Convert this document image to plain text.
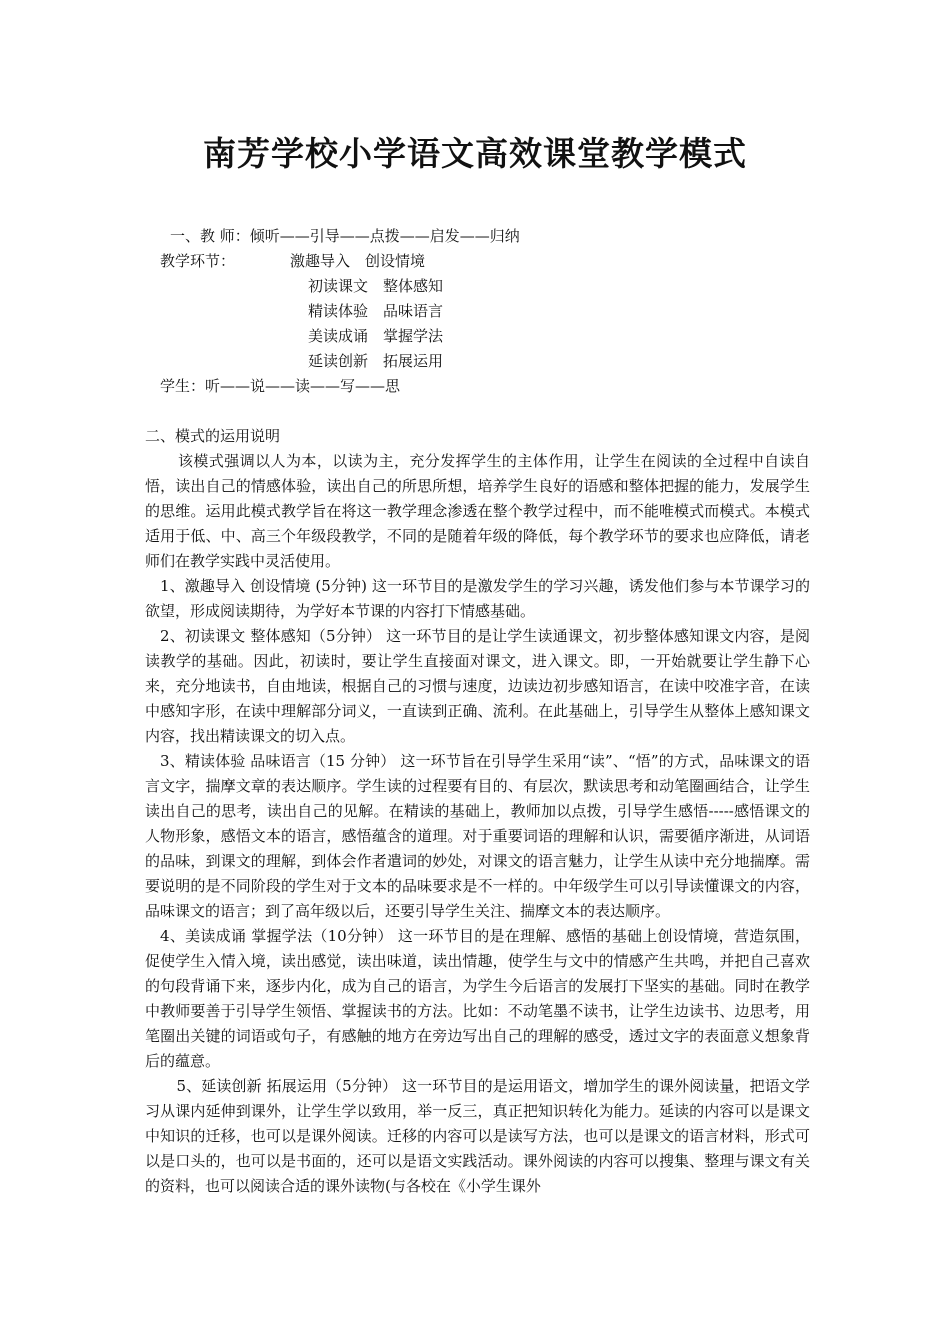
南芳学校小学语文高效课堂教学模式
一、教 师：倾听——引导——点拨——启发——归纳
教学环节：	激趣导入　创设情境
初读课文　整体感知
精读体验　品味语言
美读成诵　掌握学法
延读创新　拓展运用
学生：听——说——读——写——思

二、模式的运用说明

该模式强调以人为本，以读为主，充分发挥学生的主体作用，让学生在阅读的全过程中自读自悟，读出自己的情感体验，读出自己的所思所想，培养学生良好的语感和整体把握的能力，发展学生的思维。运用此模式教学旨在将这一教学理念渗透在整个教学过程中，而不能唯模式而模式。本模式适用于低、中、高三个年级段教学，不同的是随着年级的降低，每个教学环节的要求也应降低，请老师们在教学实践中灵活使用。

1、激趣导入 创设情境 (5分钟) 这一环节目的是激发学生的学习兴趣，诱发他们参与本节课学习的欲望，形成阅读期待，为学好本节课的内容打下情感基础。

2、初读课文 整体感知（5分钟） 这一环节目的是让学生读通课文，初步整体感知课文内容，是阅读教学的基础。因此，初读时，要让学生直接面对课文，进入课文。即，一开始就要让学生静下心来，充分地读书，自由地读，根据自己的习惯与速度，边读边初步感知语言，在读中咬准字音，在读中感知字形，在读中理解部分词义，一直读到正确、流利。在此基础上，引导学生从整体上感知课文内容，找出精读课文的切入点。

3、精读体验 品味语言（15 分钟） 这一环节旨在引导学生采用“读”、“悟”的方式，品味课文的语言文字，揣摩文章的表达顺序。学生读的过程要有目的、有层次，默读思考和动笔圈画结合，让学生读出自己的思考，读出自己的见解。在精读的基础上，教师加以点拨，引导学生感悟-----感悟课文的人物形象，感悟文本的语言，感悟蕴含的道理。对于重要词语的理解和认识，需要循序渐进，从词语的品味，到课文的理解，到体会作者遣词的妙处，对课文的语言魅力，让学生从读中充分地揣摩。需要说明的是不同阶段的学生对于文本的品味要求是不一样的。中年级学生可以引导读懂课文的内容，品味课文的语言；到了高年级以后，还要引导学生关注、揣摩文本的表达顺序。

4、美读成诵 掌握学法（10分钟） 这一环节目的是在理解、感悟的基础上创设情境，营造氛围，促使学生入情入境，读出感觉，读出味道，读出情趣，使学生与文中的情感产生共鸣，并把自己喜欢的句段背诵下来，逐步内化，成为自己的语言，为学生今后语言的发展打下坚实的基础。同时在教学中教师要善于引导学生领悟、掌握读书的方法。比如：不动笔墨不读书，让学生边读书、边思考，用笔圈出关键的词语或句子，有感触的地方在旁边写出自己的理解的感受，透过文字的表面意义想象背后的蕴意。

5、延读创新 拓展运用（5分钟） 这一环节目的是运用语文，增加学生的课外阅读量，把语文学习从课内延伸到课外，让学生学以致用，举一反三，真正把知识转化为能力。延读的内容可以是课文中知识的迁移，也可以是课外阅读。迁移的内容可以是读写方法，也可以是课文的语言材料，形式可以是口头的，也可以是书面的，还可以是语文实践活动。课外阅读的内容可以搜集、整理与课文有关的资料，也可以阅读合适的课外读物(与各校在《小学生课外
